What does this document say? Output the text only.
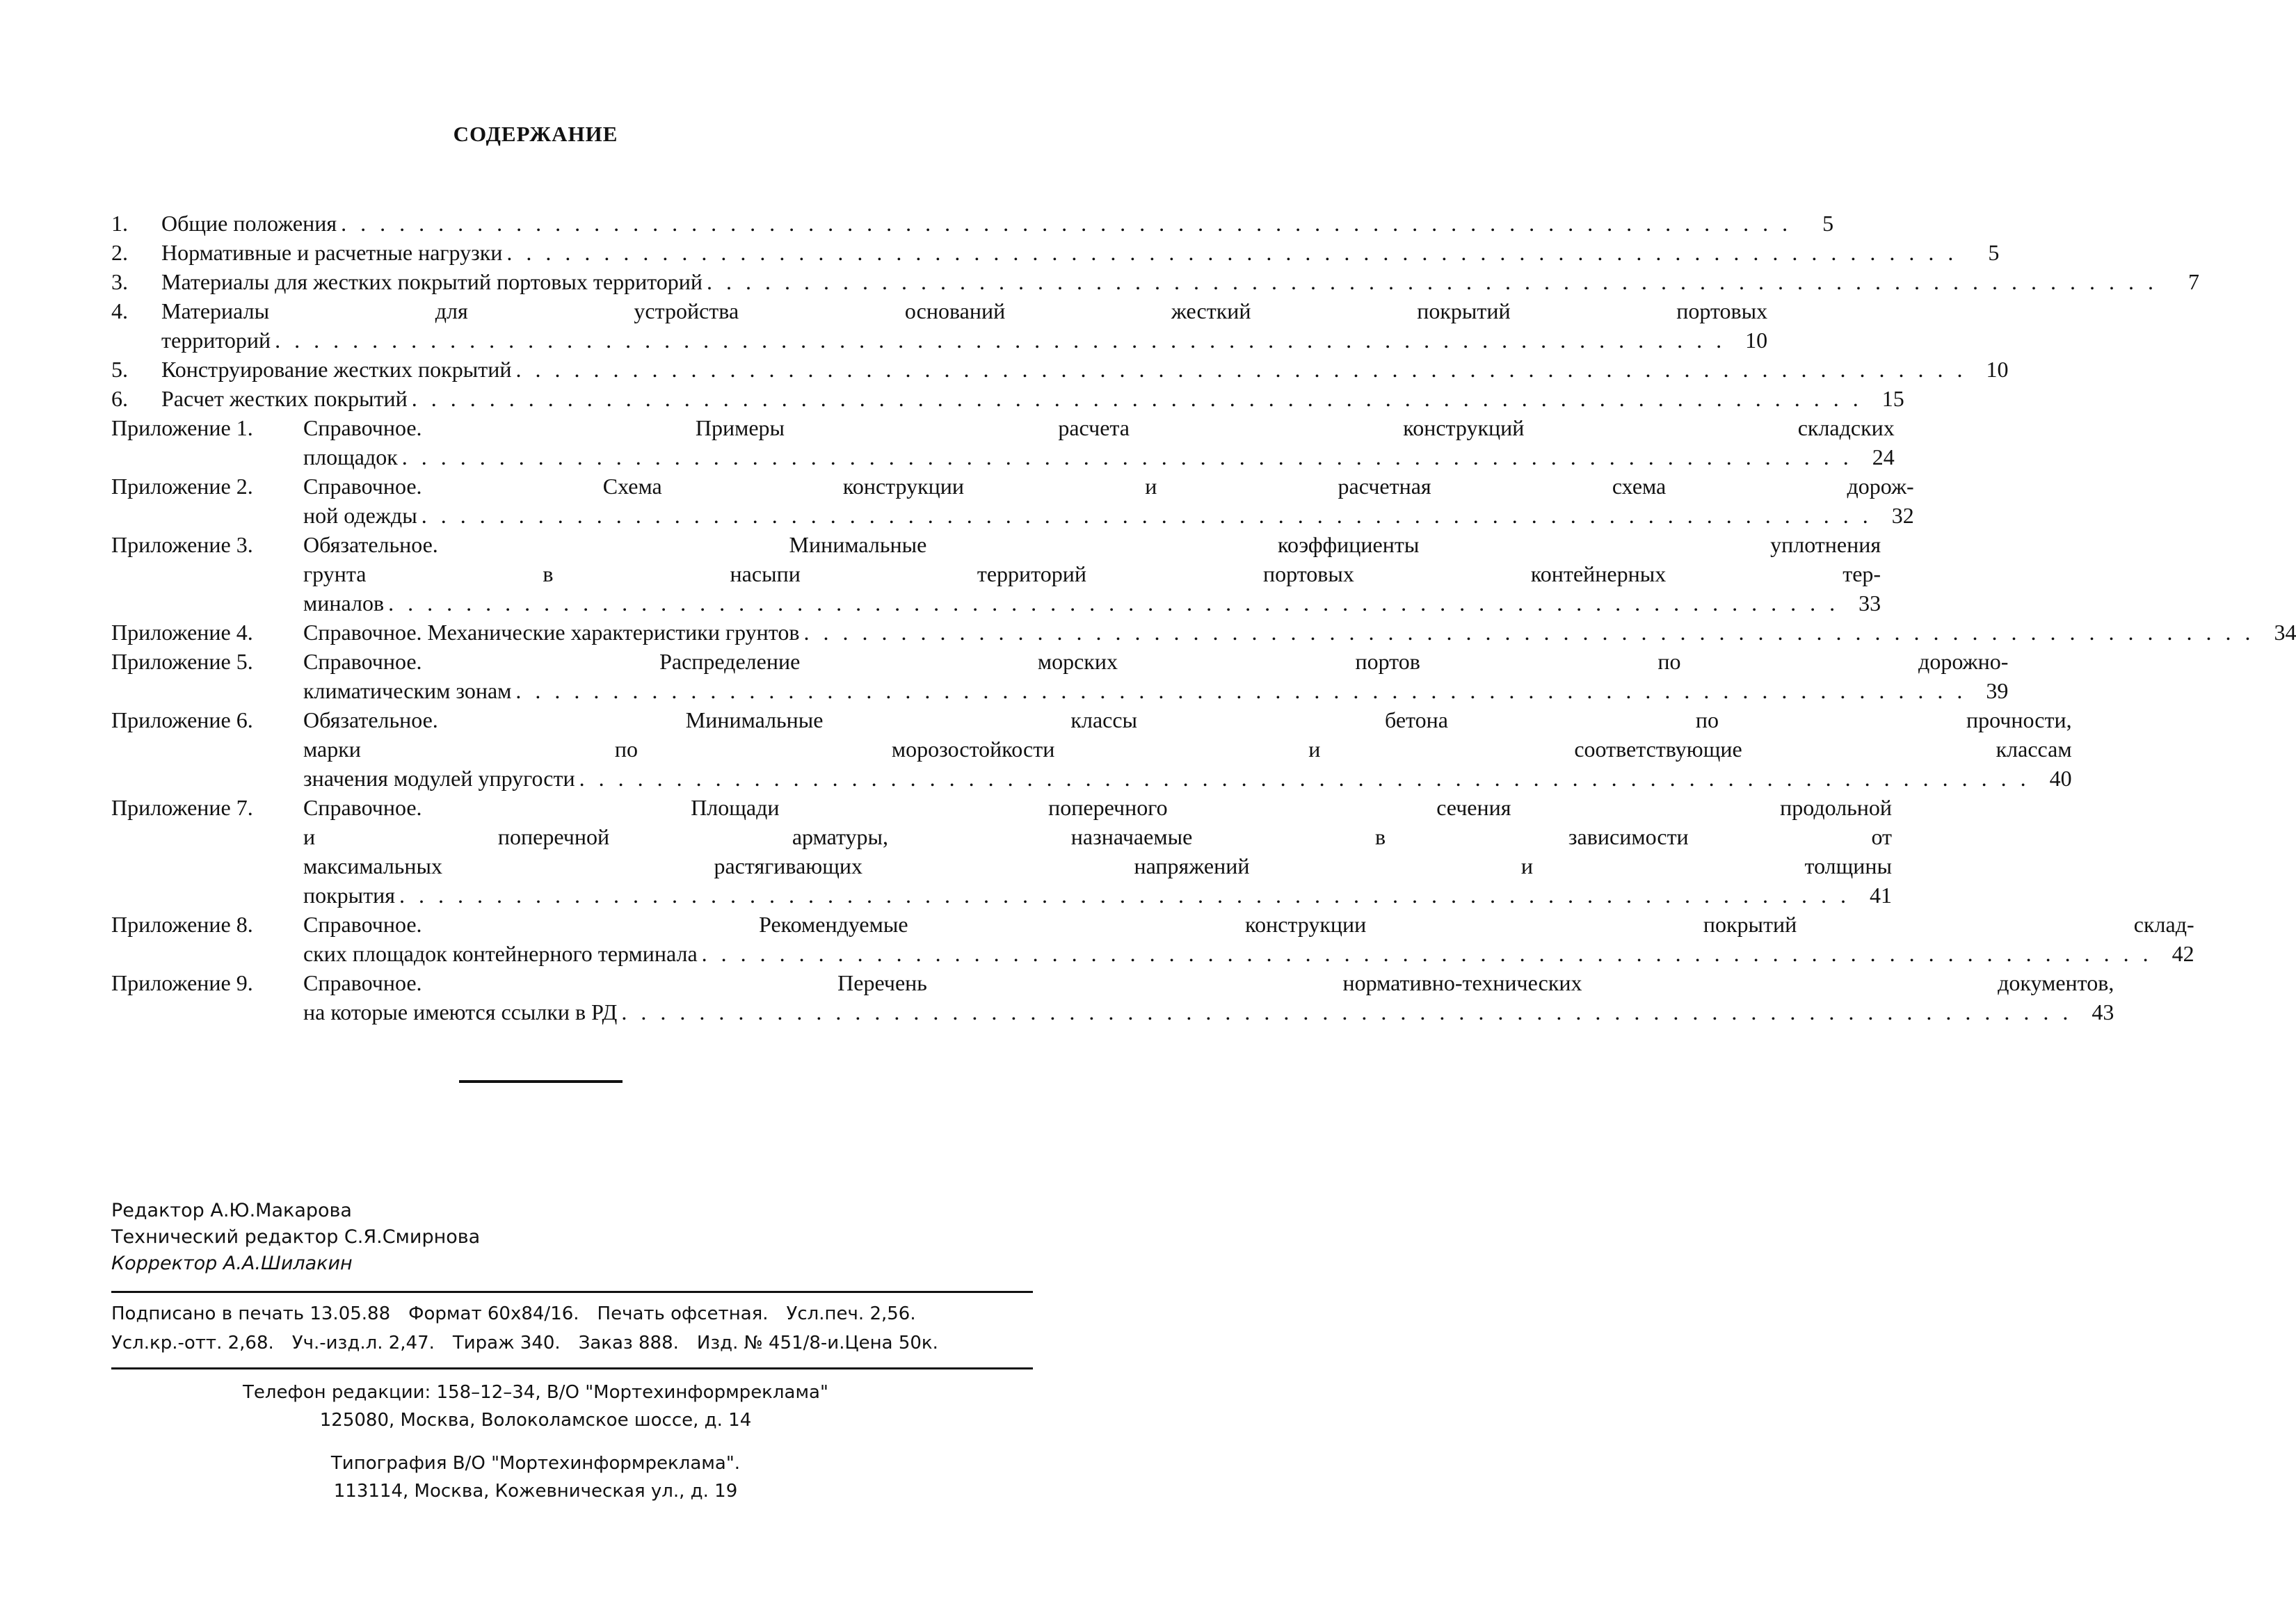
СОДЕРЖАНИЕ
1.	Общие положения . . .	5
2.	Нормативные и расчетные нагрузки . . .	5
3.	Материалы для жестких покрытий портовых территорий . . .	7
4.	Материалы для устройства оснований жесткий покрытий портовых
территорий . . .	10
5.	Конструирование жестких покрытий . . .	10
6.	Расчет жестких покрытий . . .	15
Приложение 1.	Справочное. Примеры расчета конструкций складских
площадок . . .	24
Приложение 2.	Справочное. Схема конструкции и расчетная схема дорож-
ной одежды . . .	32
Приложение 3.	Обязательное. Минимальные коэффициенты уплотнения
грунта в насыпи территорий портовых контейнерных тер-
миналов . . .	33
Приложение 4.	Справочное. Механические характеристики грунтов . . .	34
Приложение 5.	Справочное. Распределение морских портов по дорожно-
климатическим зонам . . .	39
Приложение 6.	Обязательное. Минимальные классы бетона по прочности,
марки по морозостойкости и соответствующие классам
значения модулей упругости . . .	40
Приложение 7.	Справочное. Площади поперечного сечения продольной
и поперечной арматуры, назначаемые в зависимости от
максимальных растягивающих напряжений и толщины
покрытия . . .	41
Приложение 8.	Справочное. Рекомендуемые конструкции покрытий склад-
ских площадок контейнерного терминала . . .	42
Приложение 9.	Справочное. Перечень нормативно-технических документов,
на которые имеются ссылки в РД . . .	43
Редактор А.Ю.Макарова
Технический редактор С.Я.Смирнова
Корректор А.А.Шилакин
Подписано в печать 13.05.88 Формат 60х84/16. Печать офсетная. Усл.печ. 2,56.
Усл.кр.-отт. 2,68. Уч.-изд.л. 2,47. Тираж 340. Заказ 888. Изд. № 451/8-и.Цена 50к.
Телефон редакции: 158–12–34, В/О "Мортехинформреклама"
125080, Москва, Волоколамское шоссе, д. 14
Типография В/О "Мортехинформреклама".
113114, Москва, Кожевническая ул., д. 19
